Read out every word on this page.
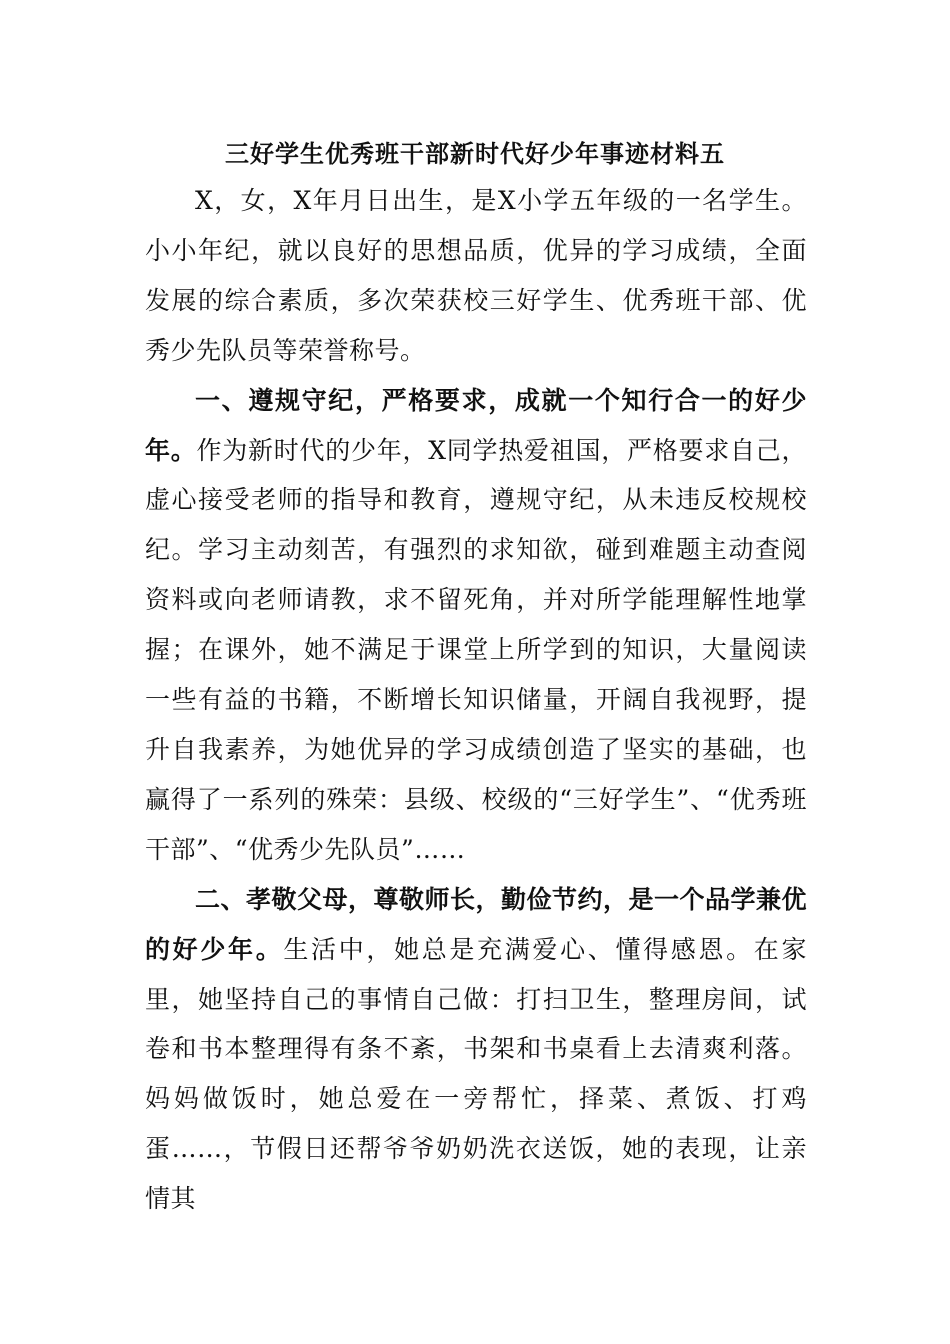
三好学生优秀班干部新时代好少年事迹材料五

X，女，X年月日出生，是X小学五年级的一名学生。小小年纪，就以良好的思想品质，优异的学习成绩，全面发展的综合素质，多次荣获校三好学生、优秀班干部、优秀少先队员等荣誉称号。

一、遵规守纪，严格要求，成就一个知行合一的好少年。作为新时代的少年，X同学热爱祖国，严格要求自己，虚心接受老师的指导和教育，遵规守纪，从未违反校规校纪。学习主动刻苦，有强烈的求知欲，碰到难题主动查阅资料或向老师请教，求不留死角，并对所学能理解性地掌握；在课外，她不满足于课堂上所学到的知识，大量阅读一些有益的书籍，不断增长知识储量，开阔自我视野，提升自我素养，为她优异的学习成绩创造了坚实的基础，也赢得了一系列的殊荣：县级、校级的“三好学生”、“优秀班干部”、“优秀少先队员”……

二、孝敬父母，尊敬师长，勤俭节约，是一个品学兼优的好少年。生活中，她总是充满爱心、懂得感恩。在家里，她坚持自己的事情自己做：打扫卫生，整理房间，试卷和书本整理得有条不紊，书架和书桌看上去清爽利落。妈妈做饭时，她总爱在一旁帮忙，择菜、煮饭、打鸡蛋……，节假日还帮爷爷奶奶洗衣送饭，她的表现，让亲情其
